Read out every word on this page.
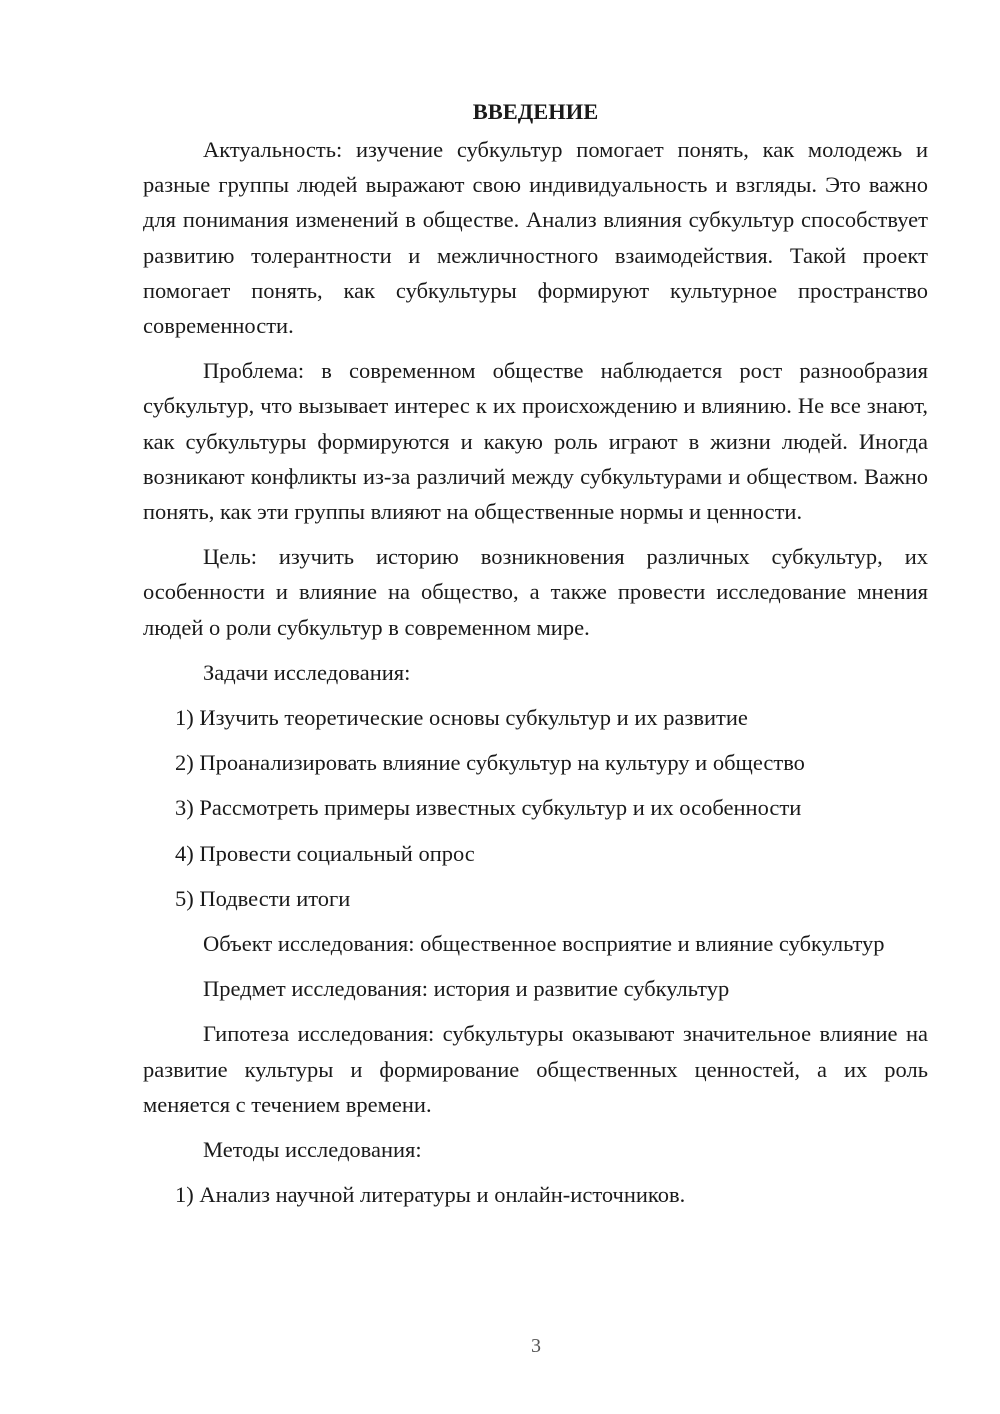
ВВЕДЕНИЕ

Актуальность: изучение субкультур помогает понять, как молодежь и разные группы людей выражают свою индивидуальность и взгляды. Это важно для понимания изменений в обществе. Анализ влияния субкультур способствует развитию толерантности и межличностного взаимодействия. Такой проект помогает понять, как субкультуры формируют культурное пространство современности.

Проблема: в современном обществе наблюдается рост разнообразия субкультур, что вызывает интерес к их происхождению и влиянию. Не все знают, как субкультуры формируются и какую роль играют в жизни людей. Иногда возникают конфликты из-за различий между субкультурами и обществом. Важно понять, как эти группы влияют на общественные нормы и ценности.

Цель: изучить историю возникновения различных субкультур, их особенности и влияние на общество, а также провести исследование мнения людей о роли субкультур в современном мире.

Задачи исследования:

1) Изучить теоретические основы субкультур и их развитие

2) Проанализировать влияние субкультур на культуру и общество

3) Рассмотреть примеры известных субкультур и их особенности

4) Провести социальный опрос

5) Подвести итоги

Объект исследования: общественное восприятие и влияние субкультур

Предмет исследования: история и развитие субкультур

Гипотеза исследования: субкультуры оказывают значительное влияние на развитие культуры и формирование общественных ценностей, а их роль меняется с течением времени.

Методы исследования:

1) Анализ научной литературы и онлайн-источников.

3
